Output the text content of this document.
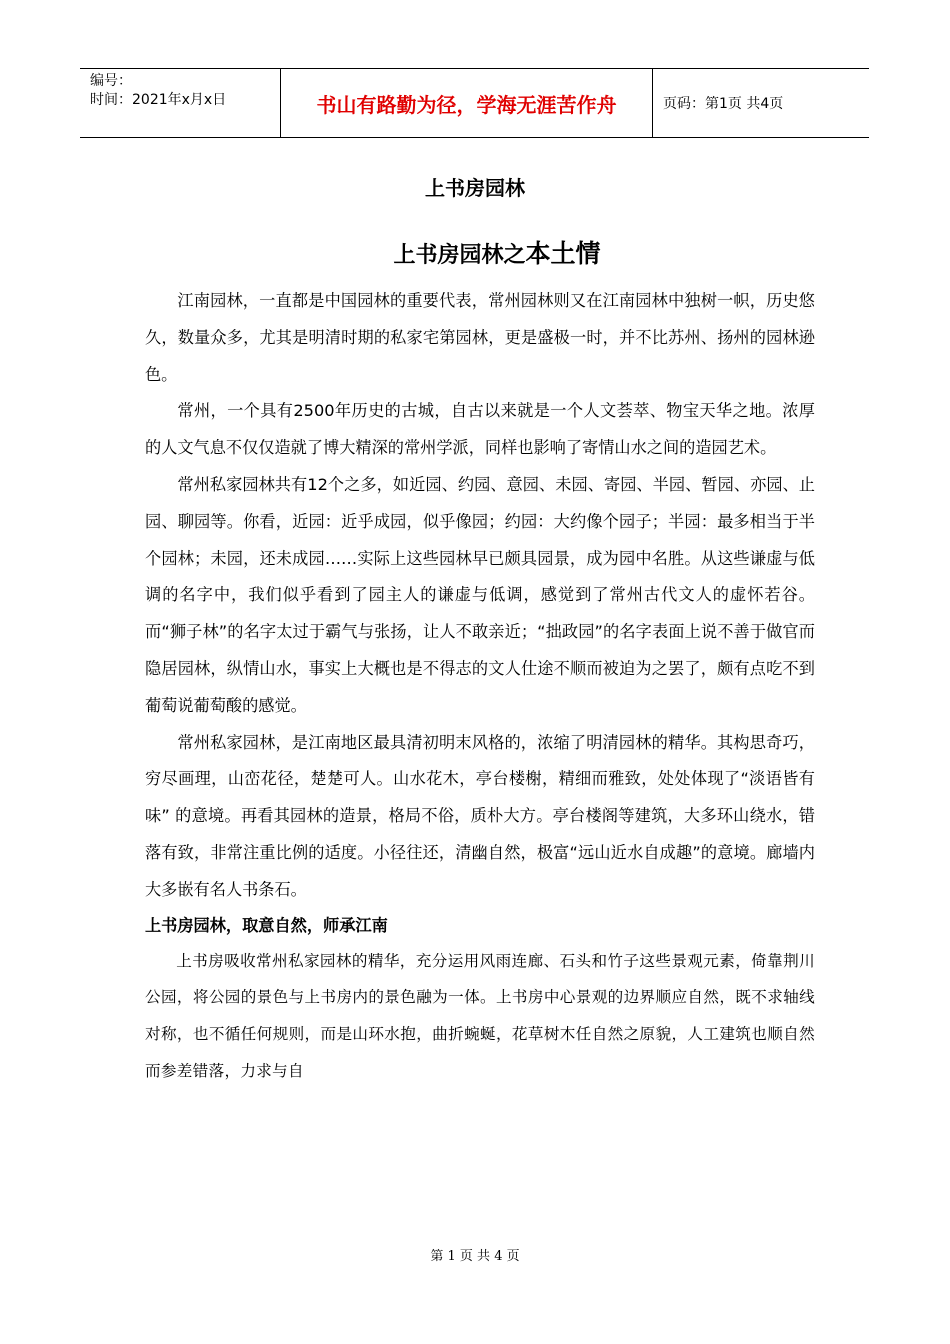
编号：
时间：2021年x月x日	书山有路勤为径，学海无涯苦作舟	页码：第1页 共4页
上书房园林
上书房园林之本土情

江南园林，一直都是中国园林的重要代表，常州园林则又在江南园林中独树一帜，历史悠久，数量众多，尤其是明清时期的私家宅第园林，更是盛极一时，并不比苏州、扬州的园林逊色。

常州，一个具有2500年历史的古城，自古以来就是一个人文荟萃、物宝天华之地。浓厚的人文气息不仅仅造就了博大精深的常州学派，同样也影响了寄情山水之间的造园艺术。

常州私家园林共有12个之多，如近园、约园、意园、未园、寄园、半园、暂园、亦园、止园、聊园等。你看，近园：近乎成园，似乎像园；约园：大约像个园子；半园：最多相当于半个园林；未园，还未成园……实际上这些园林早已颇具园景，成为园中名胜。从这些谦虚与低调的名字中，我们似乎看到了园主人的谦虚与低调，感觉到了常州古代文人的虚怀若谷。而“狮子林”的名字太过于霸气与张扬，让人不敢亲近；“拙政园”的名字表面上说不善于做官而隐居园林，纵情山水，事实上大概也是不得志的文人仕途不顺而被迫为之罢了，颇有点吃不到葡萄说葡萄酸的感觉。

常州私家园林，是江南地区最具清初明末风格的，浓缩了明清园林的精华。其构思奇巧，穷尽画理，山峦花径，楚楚可人。山水花木，亭台楼榭，精细而雅致，处处体现了“淡语皆有味” 的意境。再看其园林的造景，格局不俗，质朴大方。亭台楼阁等建筑，大多环山绕水，错落有致，非常注重比例的适度。小径往还，清幽自然，极富“远山近水自成趣”的意境。廊墙内大多嵌有名人书条石。

上书房园林，取意自然，师承江南

上书房吸收常州私家园林的精华，充分运用风雨连廊、石头和竹子这些景观元素，倚靠荆川公园，将公园的景色与上书房内的景色融为一体。上书房中心景观的边界顺应自然，既不求轴线对称，也不循任何规则，而是山环水抱，曲折蜿蜒，花草树木任自然之原貌，人工建筑也顺自然而参差错落，力求与自

第 1 页 共 4 页
